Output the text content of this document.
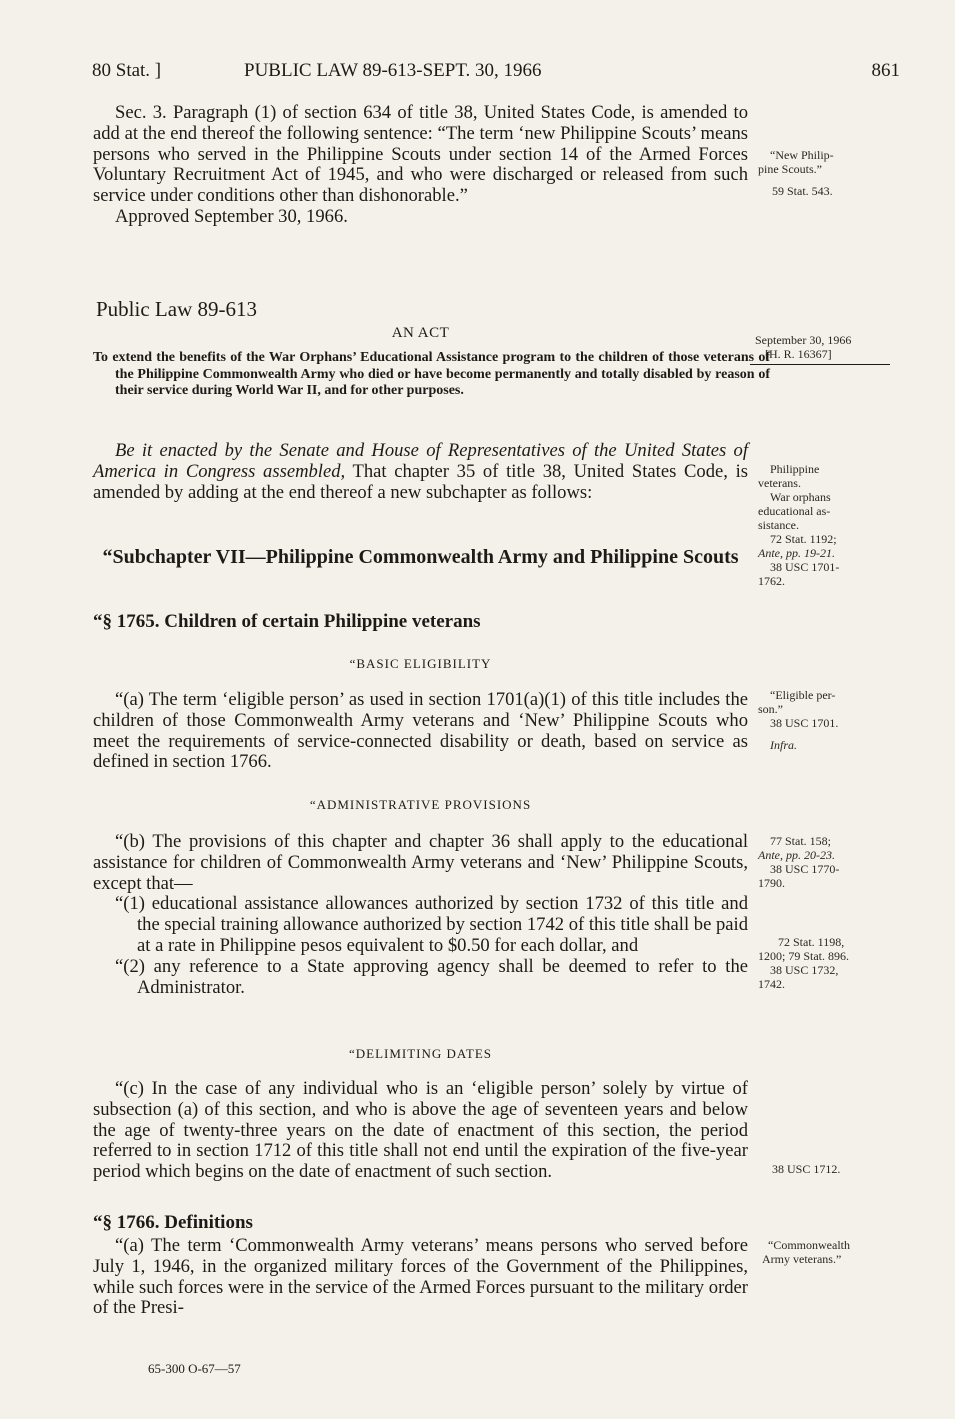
80 Stat. ]	PUBLIC LAW 89-613-SEPT. 30, 1966	861

Sec. 3. Paragraph (1) of section 634 of title 38, United States Code, is amended to add at the end thereof the following sentence: “The term ‘new Philippine Scouts’ means persons who served in the Philippine Scouts under section 14 of the Armed Forces Voluntary Recruitment Act of 1945, and who were discharged or released from such service under conditions other than dishonorable.”

Approved September 30, 1966.

Public Law 89-613
AN ACT
To extend the benefits of the War Orphans’ Educational Assistance program to the children of those veterans of the Philippine Commonwealth Army who died or have become permanently and totally disabled by reason of their service during World War II, and for other purposes.

Be it enacted by the Senate and House of Representatives of the United States of America in Congress assembled, That chapter 35 of title 38, United States Code, is amended by adding at the end thereof a new subchapter as follows:

“Subchapter VII—Philippine Commonwealth Army and Philippine Scouts
“§ 1765. Children of certain Philippine veterans
“BASIC ELIGIBILITY

“(a) The term ‘eligible person’ as used in section 1701(a)(1) of this title includes the children of those Commonwealth Army veterans and ‘New’ Philippine Scouts who meet the requirements of service-connected disability or death, based on service as defined in section 1766.

“ADMINISTRATIVE PROVISIONS

“(b) The provisions of this chapter and chapter 36 shall apply to the educational assistance for children of Commonwealth Army veterans and ‘New’ Philippine Scouts, except that—

“(1) educational assistance allowances authorized by section 1732 of this title and the special training allowance authorized by section 1742 of this title shall be paid at a rate in Philippine pesos equivalent to $0.50 for each dollar, and

“(2) any reference to a State approving agency shall be deemed to refer to the Administrator.

“DELIMITING DATES

“(c) In the case of any individual who is an ‘eligible person’ solely by virtue of subsection (a) of this section, and who is above the age of seventeen years and below the age of twenty-three years on the date of enactment of this section, the period referred to in section 1712 of this title shall not end until the expiration of the five-year period which begins on the date of enactment of such section.

“§ 1766. Definitions

“(a) The term ‘Commonwealth Army veterans’ means persons who served before July 1, 1946, in the organized military forces of the Government of the Philippines, while such forces were in the service of the Armed Forces pursuant to the military order of the Presi-

“New Philip-

pine Scouts.”

59 Stat. 543.

September 30, 1966

[H. R. 16367]

Philippine

veterans.

War orphans

educational as-

sistance.

72 Stat. 1192;

Ante, pp. 19-21.

38 USC 1701-

1762.

“Eligible per-

son.”

38 USC 1701.

Infra.

77 Stat. 158;

Ante, pp. 20-23.

38 USC 1770-

1790.

72 Stat. 1198,

1200; 79 Stat. 896.

38 USC 1732,

1742.

38 USC 1712.

“Commonwealth

Army veterans.”

65-300 O-67—57
